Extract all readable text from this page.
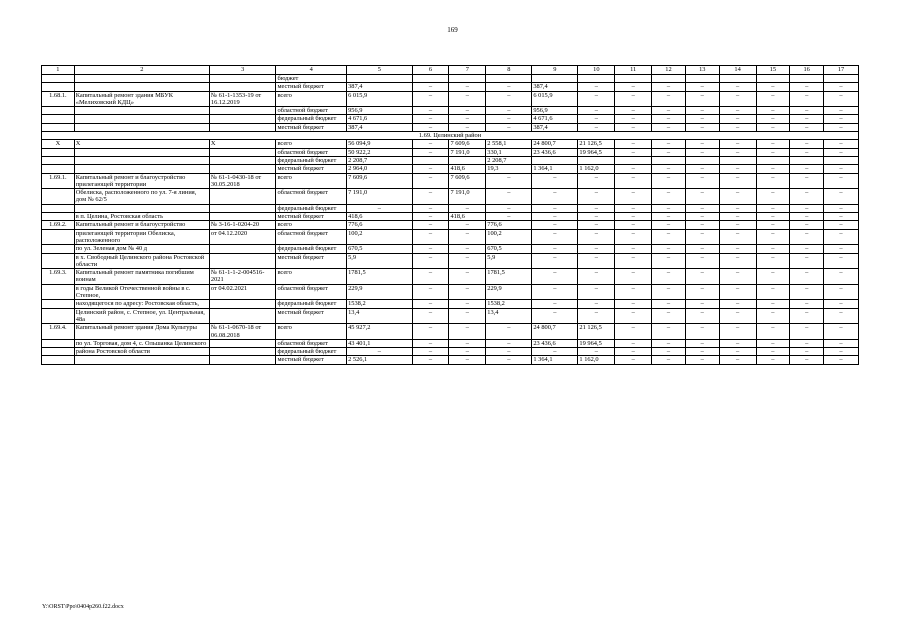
169
1	2	3	4	5	6	7	8	9	10	11	12	13	14	15	16	17
			бюджет													
			местный бюджет	387,4	–	–	–	387,4	–	–	–	–	–	–	–	–
1.68.1.	Капитальный ремонт здания МБУК «Мелиховский КДЦ»	№ 61-1-1353-19 от 16.12.2019	всего	6 015,9	–	–	–	6 015,9	–	–	–	–	–	–	–	–
			областной бюджет	956,9	–	–	–	956,9	–	–	–	–	–	–	–	–
			федеральный бюджет	4 671,6	–	–	–	4 671,6	–	–	–	–	–	–	–	–
			местный бюджет	387,4	–	–	–	387,4	–	–	–	–	–	–	–	–
1.69. Целинский район																
Х	Х	Х	всего	56 094,9	–	7 609,6	2 558,1	24 800,7	21 126,5	–	–	–	–	–	–	–
			областной бюджет	50 922,2	–	7 191,0	330,1	23 436,6	19 964,5	–	–	–	–	–	–	–
			федеральный бюджет	2 208,7			2 208,7									
			местный бюджет	2 964,0	–	418,6	19,3	1 364,1	1 162,0	–	–	–	–	–	–	–
1.69.1.	Капитальный ремонт и благоустройство прилегающей территории	№ 61-1-0430-18 от 30.05.2018	всего	7 609,6	–	7 609,6	–	–	–	–	–	–	–	–	–	–
	Обелиска, расположенного по ул. 7-я линия, дом № 62/5		областной бюджет	7 191,0	–	7 191,0	–	–	–	–	–	–	–	–	–	–
			федеральный бюджет	–	–	–	–	–	–	–	–	–	–	–	–	–
	в п. Целина, Ростовская область		местный бюджет	418,6	–	418,6	–	–	–	–	–	–	–	–	–	–
1.69.2.	Капитальный ремонт и благоустройство	№ 3-16-1-0204-20	всего	776,6	–	–	776,6	–	–	–	–	–	–	–	–	–
	прилегающей территории Обелиска, расположенного	от 04.12.2020	областной бюджет	100,2	–	–	100,2	–	–	–	–	–	–	–	–	–
	по ул. Зеленая дом № 40 д		федеральный бюджет	670,5	–	–	670,5	–	–	–	–	–	–	–	–	–
	в х. Свободный Целинского района Ростовской области		местный бюджет	5,9	–	–	5,9	–	–	–	–	–	–	–	–	–
1.69.3.	Капитальный ремонт памятника погибшим воинам	№ 61-1-1-2-004516-2021	всего	1781,5	–	–	1781,5	–	–	–	–	–	–	–	–	–
	в годы Великой Отечественной войны в с. Степное,	от 04.02.2021	областной бюджет	229,9	–	–	229,9	–	–	–	–	–	–	–	–	–
	находящегося по адресу: Ростовская область,		федеральный бюджет	1538,2	–	–	1538,2	–	–	–	–	–	–	–	–	–
	Целинский район, с. Степное, ул. Центральная, 48а		местный бюджет	13,4	–	–	13,4	–	–	–	–	–	–	–	–	–
1.69.4.	Капитальный ремонт здания Дома Культуры	№ 61-1-0670-18 от 06.08.2018	всего	45 927,2	–	–	–	24 800,7	21 126,5	–	–	–	–	–	–	–
	по ул. Торговая, дом 4, с. Ольшанка Целинского		областной бюджет	43 401,1	–	–	–	23 436,6	19 964,5	–	–	–	–	–	–	–
	района Ростовской области		федеральный бюджет	–	–	–	–	–	–	–	–	–	–	–	–	–
			местный бюджет	2 526,1	–	–	–	1 364,1	1 162,0	–	–	–	–	–	–	–
Y:\ORST\Ppo\0404p260.f22.docx
